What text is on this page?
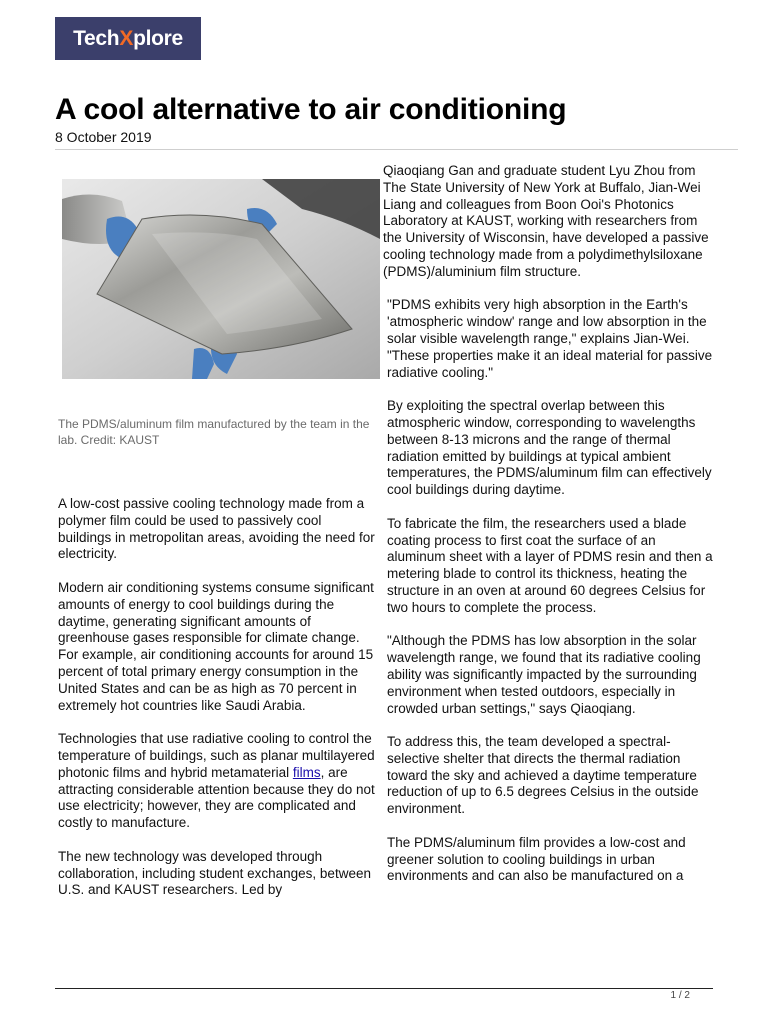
TechXplore
A cool alternative to air conditioning
8 October 2019
The PDMS/aluminum film manufactured by the team in the lab. Credit: KAUST

A low-cost passive cooling technology made from a polymer film could be used to passively cool buildings in metropolitan areas, avoiding the need for electricity.

Modern air conditioning systems consume significant amounts of energy to cool buildings during the daytime, generating significant amounts of greenhouse gases responsible for climate change. For example, air conditioning accounts for around 15 percent of total primary energy consumption in the United States and can be as high as 70 percent in extremely hot countries like Saudi Arabia.

Technologies that use radiative cooling to control the temperature of buildings, such as planar multilayered photonic films and hybrid metamaterial films, are attracting considerable attention because they do not use electricity; however, they are complicated and costly to manufacture.

The new technology was developed through collaboration, including student exchanges, between U.S. and KAUST researchers. Led by

Qiaoqiang Gan and graduate student Lyu Zhou from The State University of New York at Buffalo, Jian-Wei Liang and colleagues from Boon Ooi's Photonics Laboratory at KAUST, working with researchers from the University of Wisconsin, have developed a passive cooling technology made from a polydimethylsiloxane (PDMS)/aluminium film structure.

"PDMS exhibits very high absorption in the Earth's 'atmospheric window' range and low absorption in the solar visible wavelength range," explains Jian-Wei. "These properties make it an ideal material for passive radiative cooling."

By exploiting the spectral overlap between this atmospheric window, corresponding to wavelengths between 8-13 microns and the range of thermal radiation emitted by buildings at typical ambient temperatures, the PDMS/aluminum film can effectively cool buildings during daytime.

To fabricate the film, the researchers used a blade coating process to first coat the surface of an aluminum sheet with a layer of PDMS resin and then a metering blade to control its thickness, heating the structure in an oven at around 60 degrees Celsius for two hours to complete the process.

"Although the PDMS has low absorption in the solar wavelength range, we found that its radiative cooling ability was significantly impacted by the surrounding environment when tested outdoors, especially in crowded urban settings," says Qiaoqiang.

To address this, the team developed a spectral-selective shelter that directs the thermal radiation toward the sky and achieved a daytime temperature reduction of up to 6.5 degrees Celsius in the outside environment.

The PDMS/aluminum film provides a low-cost and greener solution to cooling buildings in urban environments and can also be manufactured on a

1 / 2
